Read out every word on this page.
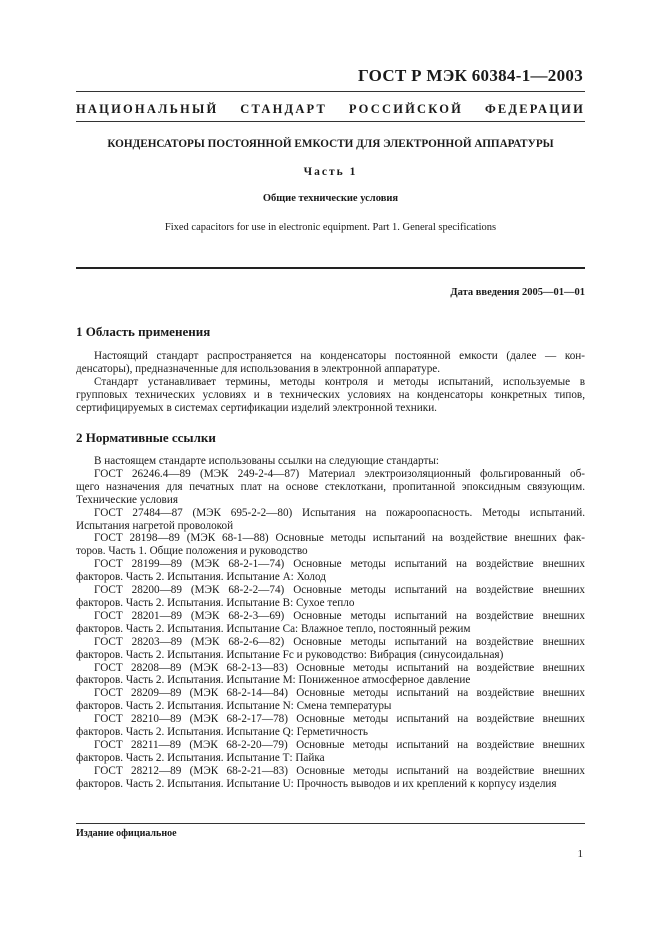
ГОСТ Р МЭК 60384-1—2003
НАЦИОНАЛЬНЫЙ СТАНДАРТ РОССИЙСКОЙ ФЕДЕРАЦИИ
КОНДЕНСАТОРЫ ПОСТОЯННОЙ ЕМКОСТИ ДЛЯ ЭЛЕКТРОННОЙ АППАРАТУРЫ
Часть 1
Общие технические условия
Fixed capacitors for use in electronic equipment. Part 1. General specifications
Дата введения 2005—01—01
1 Область применения
Настоящий стандарт распространяется на конденсаторы постоянной емкости (далее — кон-
денсаторы), предназначенные для использования в электронной аппаратуре.
Стандарт устанавливает термины, методы контроля и методы испытаний, используемые в
групповых технических условиях и в технических условиях на конденсаторы конкретных типов,
сертифицируемых в системах сертификации изделий электронной техники.
2 Нормативные ссылки
В настоящем стандарте использованы ссылки на следующие стандарты:
ГОСТ 26246.4—89 (МЭК 249-2-4—87) Материал электроизоляционный фольгированный об-
щего назначения для печатных плат на основе стеклоткани, пропитанной эпоксидным связующим.
Технические условия
ГОСТ 27484—87 (МЭК 695-2-2—80) Испытания на пожароопасность. Методы испытаний.
Испытания нагретой проволокой
ГОСТ 28198—89 (МЭК 68-1—88) Основные методы испытаний на воздействие внешних фак-
торов. Часть 1. Общие положения и руководство
ГОСТ 28199—89 (МЭК 68-2-1—74) Основные методы испытаний на воздействие внешних
факторов. Часть 2. Испытания. Испытание А: Холод
ГОСТ 28200—89 (МЭК 68-2-2—74) Основные методы испытаний на воздействие внешних
факторов. Часть 2. Испытания. Испытание В: Сухое тепло
ГОСТ 28201—89 (МЭК 68-2-3—69) Основные методы испытаний на воздействие внешних
факторов. Часть 2. Испытания. Испытание Са: Влажное тепло, постоянный режим
ГОСТ 28203—89 (МЭК 68-2-6—82) Основные методы испытаний на воздействие внешних
факторов. Часть 2. Испытания. Испытание Fc и руководство: Вибрация (синусоидальная)
ГОСТ 28208—89 (МЭК 68-2-13—83) Основные методы испытаний на воздействие внешних
факторов. Часть 2. Испытания. Испытание М: Пониженное атмосферное давление
ГОСТ 28209—89 (МЭК 68-2-14—84) Основные методы испытаний на воздействие внешних
факторов. Часть 2. Испытания. Испытание N: Смена температуры
ГОСТ 28210—89 (МЭК 68-2-17—78) Основные методы испытаний на воздействие внешних
факторов. Часть 2. Испытания. Испытание Q: Герметичность
ГОСТ 28211—89 (МЭК 68-2-20—79) Основные методы испытаний на воздействие внешних
факторов. Часть 2. Испытания. Испытание Т: Пайка
ГОСТ 28212—89 (МЭК 68-2-21—83) Основные методы испытаний на воздействие внешних
факторов. Часть 2. Испытания. Испытание U: Прочность выводов и их креплений к корпусу изделия
Издание официальное
1
